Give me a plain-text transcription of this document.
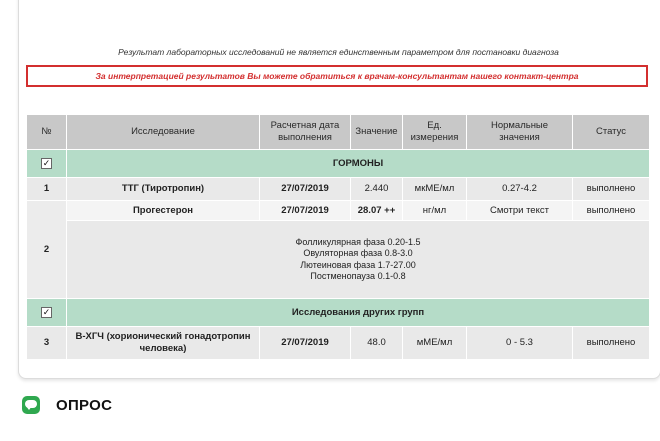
Результат лабораторных исследований не является единственным параметром для постановки диагноза
За интерпретацией результатов Вы можете обратиться к врачам-консультантам нашего контакт-центра
№	Исследование	Расчетная дата выполнения	Значение	Ед. измерения	Нормальные значения	Статус
✓	ГОРМОНЫ					
1	ТТГ (Тиротропин)	27/07/2019	2.440	мкМЕ/мл	0.27-4.2	выполнено
2	Прогестерон	27/07/2019	28.07 ++	нг/мл	Смотри текст	выполнено

	Фолликулярная фаза 0.20-1.5
Овуляторная фаза 0.8-3.0
Лютеиновая фаза 1.7-27.00
Постменопауза 0.1-0.8					

✓	Исследования других групп					
3	В-ХГЧ (хорионический гонадотропин человека)	27/07/2019	48.0	мМЕ/мл	0 - 5.3	выполнено
ОПРОС
